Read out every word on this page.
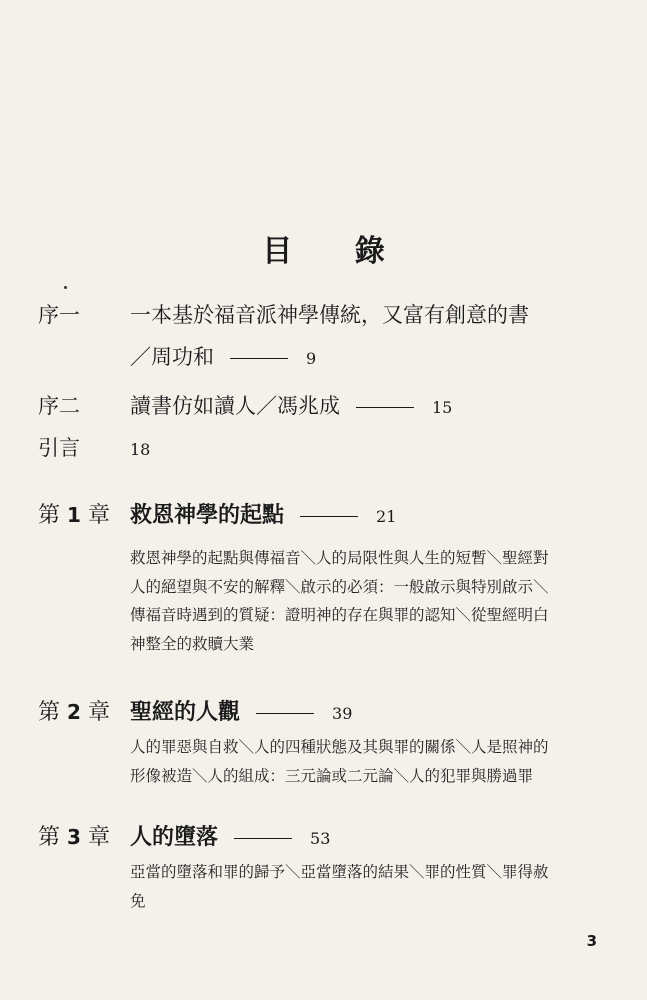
目 錄
序一 一本基於福音派神學傳統，又富有創意的書
／周功和	9
序二 讀書仿如讀人／馮兆成	15
引言	18
第 1 章 救恩神學的起點	21
救恩神學的起點與傳福音＼人的局限性與人生的短暫＼聖經對
人的絕望與不安的解釋＼啟示的必須：一般啟示與特別啟示＼
傳福音時遇到的質疑：證明神的存在與罪的認知＼從聖經明白
神整全的救贖大業
第 2 章 聖經的人觀	39
人的罪惡與自救＼人的四種狀態及其與罪的關係＼人是照神的
形像被造＼人的組成：三元論或二元論＼人的犯罪與勝過罪
第 3 章 人的墮落	53
亞當的墮落和罪的歸予＼亞當墮落的結果＼罪的性質＼罪得赦
免
3
